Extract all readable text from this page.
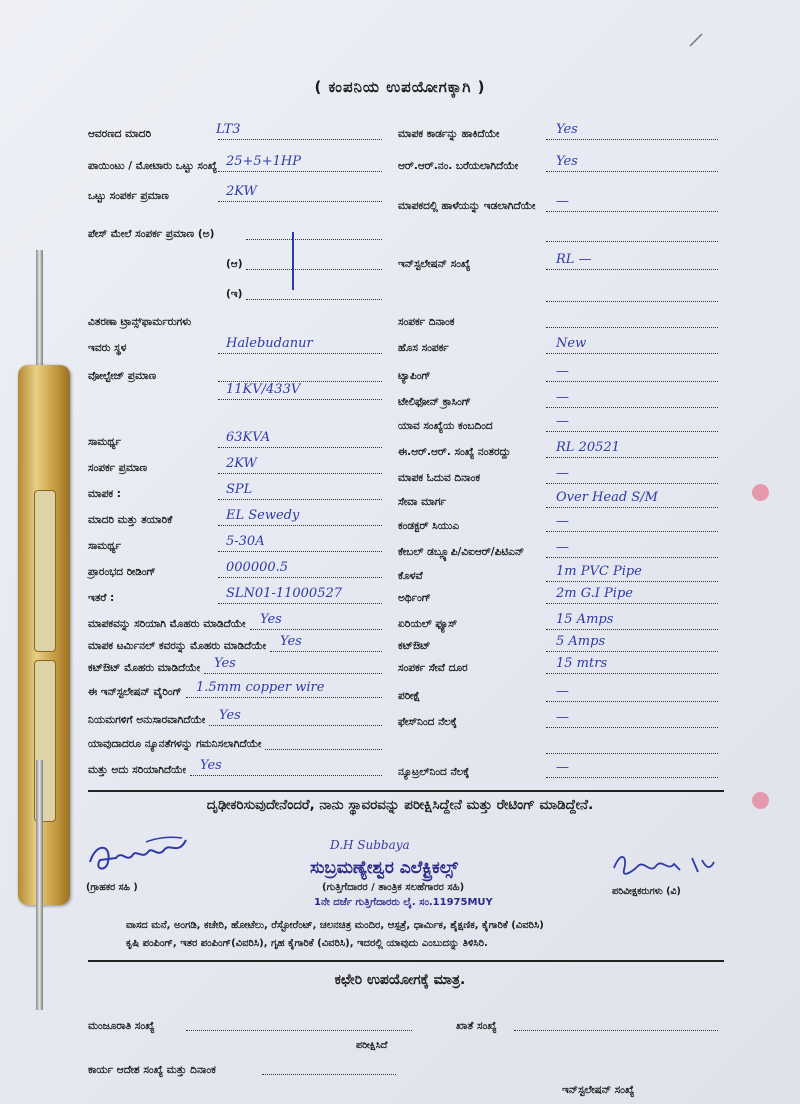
( ಕಂಪನಿಯ ಉಪಯೋಗಕ್ಕಾಗಿ )
ದೃಢೀಕರಿಸುವುದೇನೆಂದರೆ, ನಾನು ಸ್ಥಾವರವನ್ನು ಪರೀಕ್ಷಿಸಿದ್ದೇನೆ ಮತ್ತು ರೇಟಿಂಗ್ ಮಾಡಿದ್ದೇನೆ.
(ಗ್ರಾಹಕರ ಸಹಿ )
D.H Subbaya
ಸುಬ್ರಮಣ್ಯೇಶ್ವರ ಎಲೆಕ್ಟ್ರಿಕಲ್ಸ್
(ಗುತ್ತಿಗೆದಾರರ / ತಾಂತ್ರಿಕ ಸಲಹೆಗಾರರ ಸಹಿ)
1ನೇ ದರ್ಜೆ ಗುತ್ತಿಗೆದಾರರು ಲೈ. ಸಂ.11975MUY
ಪರಿವೀಕ್ಷಕರುಗಳು (ವಿ)
ವಾಸದ ಮನೆ, ಅಂಗಡಿ, ಕಚೇರಿ, ಹೋಟೆಲು, ರೆಸ್ಟೋರೆಂಟ್, ಚಲನಚಿತ್ರ ಮಂದಿರ, ಆಸ್ಪತ್ರೆ, ಧಾರ್ಮಿಕ, ಶೈಕ್ಷಣಿಕ, ಕೈಗಾರಿಕೆ (ವಿವರಿಸಿ)
ಕೃಷಿ ಪಂಪಿಂಗ್, ಇತರ ಪಂಪಿಂಗ್(ವಿವರಿಸಿ), ಗೃಹ ಕೈಗಾರಿಕೆ (ವಿವರಿಸಿ), ಇದರಲ್ಲಿ ಯಾವುದು ಎಂಬುದನ್ನು ತಿಳಿಸಿರಿ.
ಕಛೇರಿ ಉಪಯೋಗಕ್ಕೆ ಮಾತ್ರ.
ಮಂಜೂರಾತಿ ಸಂಖ್ಯೆ	ಖಾತೆ ಸಂಖ್ಯೆ
ಪರೀಕ್ಷಿಸಿದೆ
ಕಾರ್ಯ ಆದೇಶ ಸಂಖ್ಯೆ ಮತ್ತು ದಿನಾಂಕ
ಇನ್‌ಸ್ಟಲೇಷನ್ ಸಂಖ್ಯೆ
ಆವರಣದ ಮಾದರಿ	LT3
ಪಾಯಿಂಟು / ಮೋಟಾರು ಒಟ್ಟು ಸಂಖ್ಯೆ 25+5+1HP
ಒಟ್ಟು ಸಂಪರ್ಕ ಪ್ರಮಾಣ	2KW
ಪೇಸ್ ಮೇಲೆ ಸಂಪರ್ಕ ಪ್ರಮಾಣ (ಅ)
(ಆ)
(ಇ)
ವಿತರಣಾ ಟ್ರಾನ್ಸ್‌ಫಾರ್ಮರುಗಳು
ಇವರು ಸ್ಥಳ	Halebudanur
ವೋಲ್ಟೇಜ್ ಪ್ರಮಾಣ
11KV/433V
ಸಾಮರ್ಥ್ಯ	63KVA
ಸಂಪರ್ಕ ಪ್ರಮಾಣ	2KW
ಮಾಪಕ :	SPL
ಮಾದರಿ ಮತ್ತು ತಯಾರಿಕೆ	EL Sewedy
ಸಾಮರ್ಥ್ಯ	5-30A
ಪ್ರಾರಂಭದ ರೀಡಿಂಗ್	000000.5
ಇತರೆ :	SLN01-11000527
ಮಾಪಕವನ್ನು ಸರಿಯಾಗಿ ಮೊಹರು ಮಾಡಿದೆಯೇ Yes
ಮಾಪಕ ಟರ್ಮಿನಲ್ ಕವರನ್ನು ಮೊಹರು ಮಾಡಿದೆಯೇ Yes
ಕಟ್‌ಔಟ್ ಮೊಹರು ಮಾಡಿದೆಯೇ Yes
ಈ ಇನ್‌ಸ್ಟಲೇಷನ್ ವೈರಿಂಗ್ 1.5mm copper wire
ನಿಯಮಗಳಿಗೆ ಅನುಸಾರವಾಗಿದೆಯೇ Yes
ಯಾವುದಾದರೂ ನ್ಯೂನತೆಗಳನ್ನು ಗಮನಿಸಲಾಗಿದೆಯೇ
ಮತ್ತು ಅದು ಸರಿಯಾಗಿದೆಯೇ Yes
ಮಾಪಕ ಕಾರ್ಡನ್ನು ಹಾಕಿದೆಯೇ	Yes
ಆರ್.ಆರ್.ನಂ. ಬರೆಯಲಾಗಿದೆಯೇ	Yes
ಮಾಪಕದಲ್ಲಿ ಹಾಳೆಯನ್ನು ಇಡಲಾಗಿದೆಯೇ —
ಇನ್‌ಸ್ಟಲೇಷನ್ ಸಂಖ್ಯೆ	RL —
ಸಂಪರ್ಕ ದಿನಾಂಕ
ಹೊಸ ಸಂಪರ್ಕ	New
ಟ್ಯಾಪಿಂಗ್	—
ಟೇಲಿಫೋನ್ ಕ್ರಾಸಿಂಗ್	—
ಯಾವ ಸಂಖ್ಯೆಯ ಕಂಬದಿಂದ	—
ಈ.ಆರ್.ಆರ್. ಸಂಖ್ಯೆ ನಂತರದ್ದು	RL 20521
ಮಾಪಕ ಓದುವ ದಿನಾಂಕ	—
ಸೇವಾ ಮಾರ್ಗ	Over Head S/M
ಕಂಡಕ್ಟರ್ ಸಿಯುಎ	—
ಕೇಬಲ್ ಡಬ್ಲ್ಯೂಪಿ/ವಿಐಆರ್/ಪಿಟಿಎನ್ —
ಕೊಳವೆ	1m PVC Pipe
ಅರ್ಥಿಂಗ್	2m G.I Pipe
ಏರಿಯಲ್ ಫ್ಯೂಸ್	15 Amps
ಕಟ್‌ಔಟ್	5 Amps
ಸಂಪರ್ಕ ಸೇವೆ ದೂರ	15 mtrs
ಪರೀಕ್ಷೆ	—
ಫೇಸ್‌ನಿಂದ ನೆಲಕ್ಕೆ	—
ನ್ಯೂಟ್ರಲ್‌ನಿಂದ ನೆಲಕ್ಕೆ	—
